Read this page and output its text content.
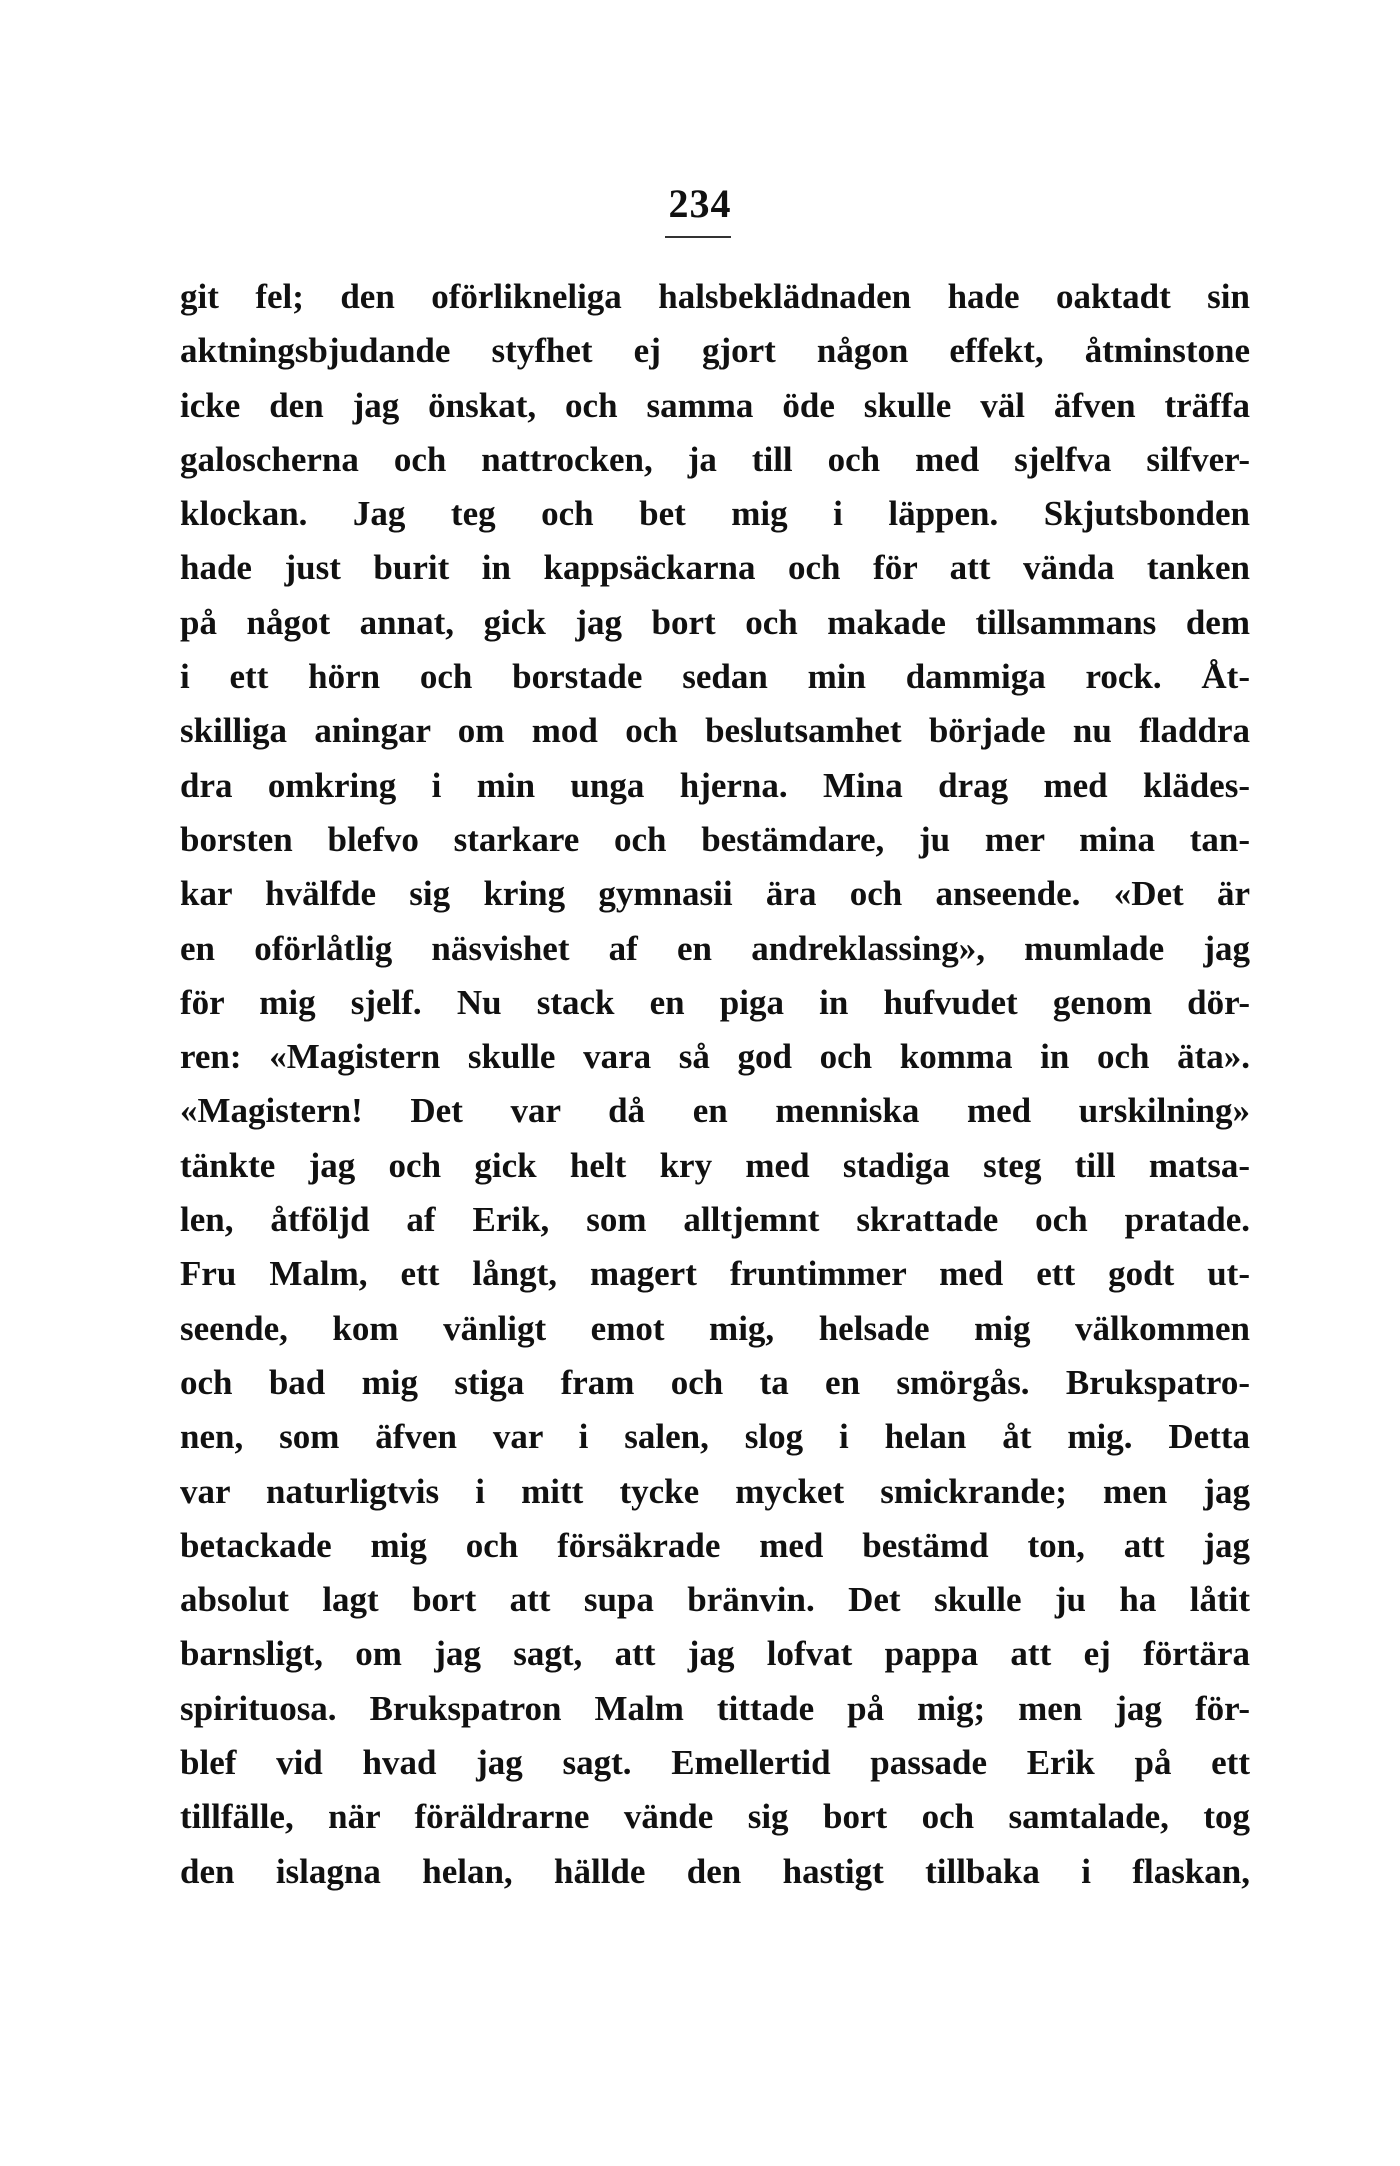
234
git fel; den oförlikneliga halsbeklädnaden hade oaktadt sin
aktningsbjudande styfhet ej gjort någon effekt, åtminstone
icke den jag önskat, och samma öde skulle väl äfven träffa
galoscherna och nattrocken, ja till och med sjelfva silfver-
klockan. Jag teg och bet mig i läppen. Skjutsbonden
hade just burit in kappsäckarna och för att vända tanken
på något annat, gick jag bort och makade tillsammans dem
i ett hörn och borstade sedan min dammiga rock. Åt-
skilliga aningar om mod och beslutsamhet började nu fladdra
dra omkring i min unga hjerna. Mina drag med klädes-
borsten blefvo starkare och bestämdare, ju mer mina tan-
kar hvälfde sig kring gymnasii ära och anseende. «Det är
en oförlåtlig näsvishet af en andreklassing», mumlade jag
för mig sjelf. Nu stack en piga in hufvudet genom dör-
ren: «Magistern skulle vara så god och komma in och äta».
«Magistern! Det var då en menniska med urskilning»
tänkte jag och gick helt kry med stadiga steg till matsa-
len, åtföljd af Erik, som alltjemnt skrattade och pratade.
Fru Malm, ett långt, magert fruntimmer med ett godt ut-
seende, kom vänligt emot mig, helsade mig välkommen
och bad mig stiga fram och ta en smörgås. Brukspatro-
nen, som äfven var i salen, slog i helan åt mig. Detta
var naturligtvis i mitt tycke mycket smickrande; men jag
betackade mig och försäkrade med bestämd ton, att jag
absolut lagt bort att supa bränvin. Det skulle ju ha låtit
barnsligt, om jag sagt, att jag lofvat pappa att ej förtära
spirituosa. Brukspatron Malm tittade på mig; men jag för-
blef vid hvad jag sagt. Emellertid passade Erik på ett
tillfälle, när föräldrarne vände sig bort och samtalade, tog
den islagna helan, hällde den hastigt tillbaka i flaskan,
